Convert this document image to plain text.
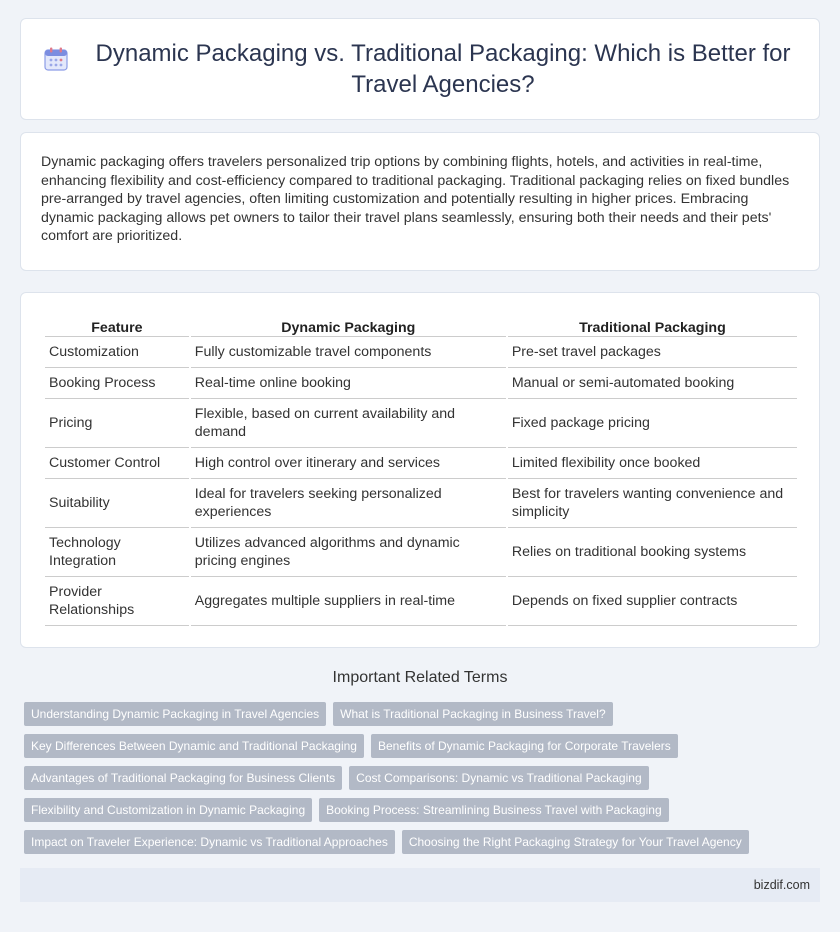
Dynamic Packaging vs. Traditional Packaging: Which is Better for Travel Agencies?

Dynamic packaging offers travelers personalized trip options by combining flights, hotels, and activities in real-time, enhancing flexibility and cost-efficiency compared to traditional packaging. Traditional packaging relies on fixed bundles pre-arranged by travel agencies, often limiting customization and potentially resulting in higher prices. Embracing dynamic packaging allows pet owners to tailor their travel plans seamlessly, ensuring both their needs and their pets' comfort are prioritized.

Feature	Dynamic Packaging	Traditional Packaging
Customization	Fully customizable travel components	Pre-set travel packages
Booking Process	Real-time online booking	Manual or semi-automated booking
Pricing	Flexible, based on current availability and demand	Fixed package pricing
Customer Control	High control over itinerary and services	Limited flexibility once booked
Suitability	Ideal for travelers seeking personalized experiences	Best for travelers wanting convenience and simplicity
Technology Integration	Utilizes advanced algorithms and dynamic pricing engines	Relies on traditional booking systems
Provider Relationships	Aggregates multiple suppliers in real-time	Depends on fixed supplier contracts
Important Related Terms
Understanding Dynamic Packaging in Travel Agencies	What is Traditional Packaging in Business Travel?
Key Differences Between Dynamic and Traditional Packaging	Benefits of Dynamic Packaging for Corporate Travelers
Advantages of Traditional Packaging for Business Clients	Cost Comparisons: Dynamic vs Traditional Packaging
Flexibility and Customization in Dynamic Packaging	Booking Process: Streamlining Business Travel with Packaging
Impact on Traveler Experience: Dynamic vs Traditional Approaches	Choosing the Right Packaging Strategy for Your Travel Agency
bizdif.com
